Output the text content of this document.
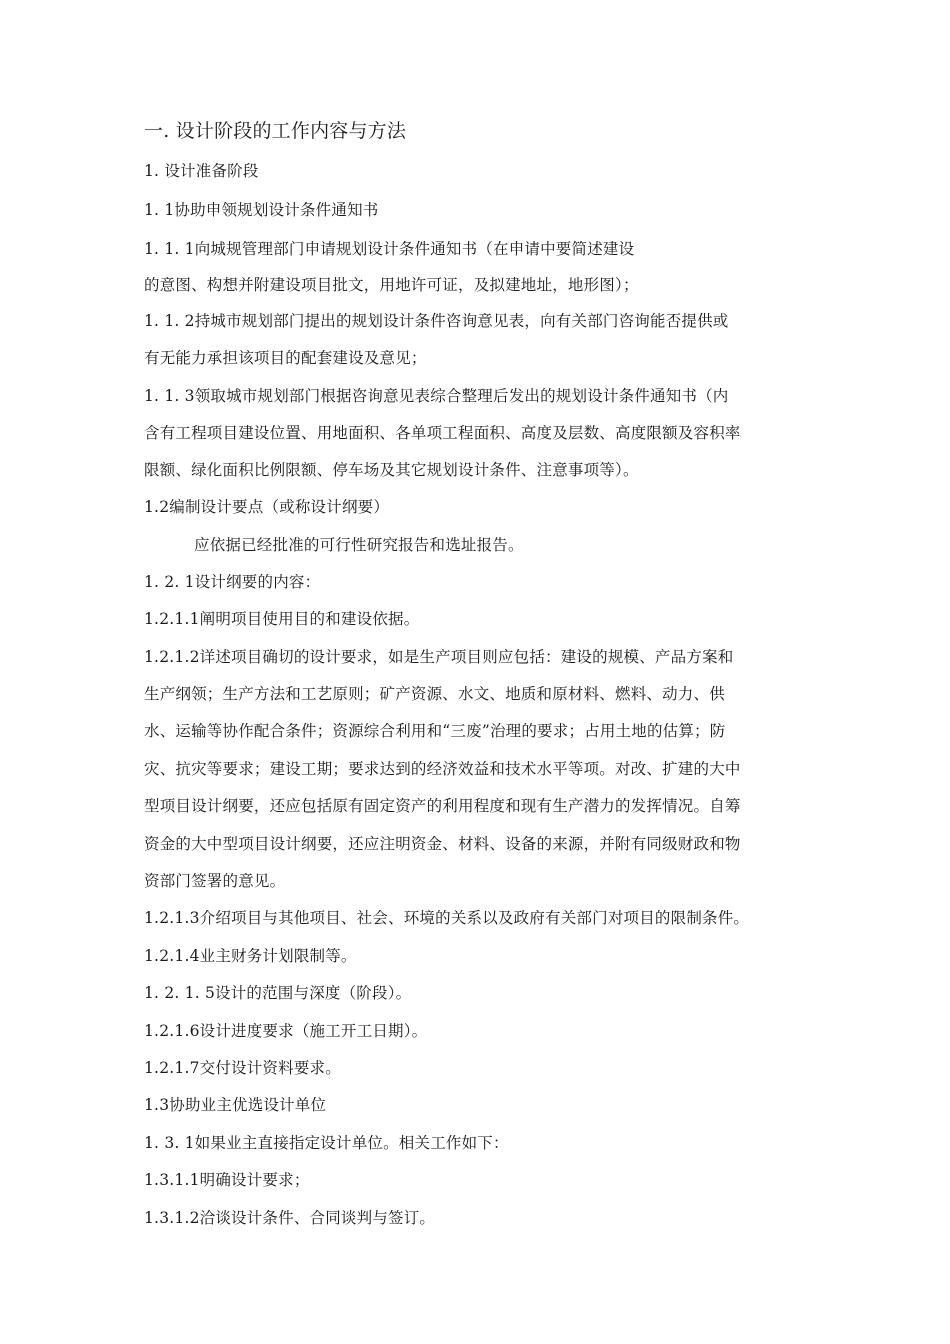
一. 设计阶段的工作内容与方法
1. 设计准备阶段
1. 1协助申领规划设计条件通知书
1. 1. 1向城规管理部门申请规划设计条件通知书（在申请中要简述建设
的意图、构想并附建设项目批文，用地许可证，及拟建地址，地形图）；
1. 1. 2持城市规划部门提出的规划设计条件咨询意见表，向有关部门咨询能否提供或
有无能力承担该项目的配套建设及意见；
1. 1. 3领取城市规划部门根据咨询意见表综合整理后发出的规划设计条件通知书（内
含有工程项目建设位置、用地面积、各单项工程面积、高度及层数、高度限额及容积率
限额、绿化面积比例限额、停车场及其它规划设计条件、注意事项等）。
1.2编制设计要点（或称设计纲要）
应依据已经批准的可行性研究报告和选址报告。
1. 2. 1设计纲要的内容：
1.2.1.1阐明项目使用目的和建设依据。
1.2.1.2详述项目确切的设计要求，如是生产项目则应包括：建设的规模、产品方案和
生产纲领；生产方法和工艺原则；矿产资源、水文、地质和原材料、燃料、动力、供
水、运输等协作配合条件；资源综合利用和“三废”治理的要求；占用土地的估算；防
灾、抗灾等要求；建设工期；要求达到的经济效益和技术水平等项。对改、扩建的大中
型项目设计纲要，还应包括原有固定资产的利用程度和现有生产潜力的发挥情况。自筹
资金的大中型项目设计纲要，还应注明资金、材料、设备的来源，并附有同级财政和物
资部门签署的意见。
1.2.1.3介绍项目与其他项目、社会、环境的关系以及政府有关部门对项目的限制条件。
1.2.1.4业主财务计划限制等。
1. 2. 1. 5设计的范围与深度（阶段）。
1.2.1.6设计进度要求（施工开工日期）。
1.2.1.7交付设计资料要求。
1.3协助业主优选设计单位
1. 3. 1如果业主直接指定设计单位。相关工作如下：
1.3.1.1明确设计要求；
1.3.1.2洽谈设计条件、合同谈判与签订。
